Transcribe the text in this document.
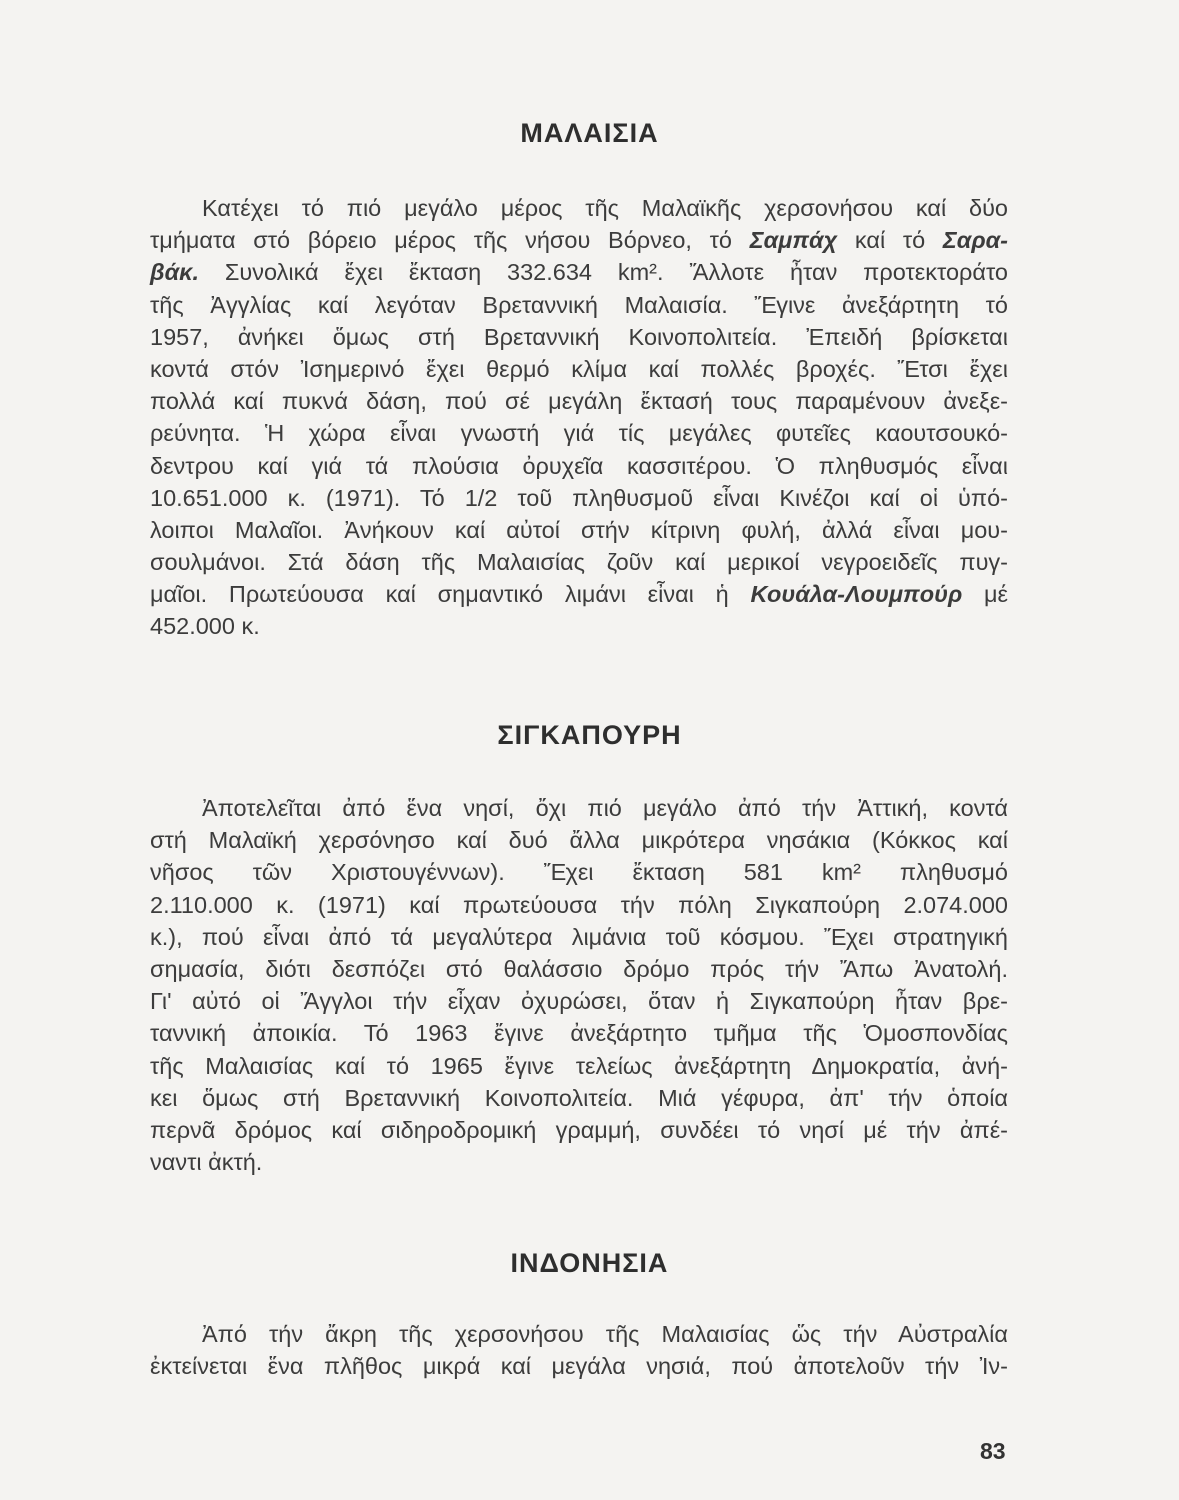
ΜΑΛΑΙΣΙΑ
Κατέχει τό πιό μεγάλο μέρος τῆς Μαλαϊκῆς χερσονήσου καί δύο
τμήματα στό βόρειο μέρος τῆς νήσου Βόρνεο, τό Σαμπάχ καί τό Σαρα-
βάκ. Συνολικά ἔχει ἔκταση 332.634 km². Ἄλλοτε ἦταν προτεκτοράτο
τῆς Ἀγγλίας καί λεγόταν Βρεταννική Μαλαισία. Ἔγινε ἀνεξάρτητη τό
1957, ἀνήκει ὅμως στή Βρεταννική Κοινοπολιτεία. Ἐπειδή βρίσκεται
κοντά στόν Ἰσημερινό ἔχει θερμό κλίμα καί πολλές βροχές. Ἔτσι ἔχει
πολλά καί πυκνά δάση, πού σέ μεγάλη ἔκτασή τους παραμένουν ἀνεξε-
ρεύνητα. Ἡ χώρα εἶναι γνωστή γιά τίς μεγάλες φυτεῖες καουτσουκό-
δεντρου καί γιά τά πλούσια ὀρυχεῖα κασσιτέρου. Ὁ πληθυσμός εἶναι
10.651.000 κ. (1971). Τό 1/2 τοῦ πληθυσμοῦ εἶναι Κινέζοι καί οἱ ὑπό-
λοιποι Μαλαῖοι. Ἀνήκουν καί αὐτοί στήν κίτρινη φυλή, ἀλλά εἶναι μου-
σουλμάνοι. Στά δάση τῆς Μαλαισίας ζοῦν καί μερικοί νεγροειδεῖς πυγ-
μαῖοι. Πρωτεύουσα καί σημαντικό λιμάνι εἶναι ἡ Κουάλα-Λουμπούρ μέ
452.000 κ.
ΣΙΓΚΑΠΟΥΡΗ
Ἀποτελεῖται ἀπό ἕνα νησί, ὄχι πιό μεγάλο ἀπό τήν Ἀττική, κοντά
στή Μαλαϊκή χερσόνησο καί δυό ἄλλα μικρότερα νησάκια (Κόκκος καί
νῆσος τῶν Χριστουγέννων). Ἔχει ἔκταση 581 km² πληθυσμό
2.110.000 κ. (1971) καί πρωτεύουσα τήν πόλη Σιγκαπούρη 2.074.000
κ.), πού εἶναι ἀπό τά μεγαλύτερα λιμάνια τοῦ κόσμου. Ἔχει στρατηγική
σημασία, διότι δεσπόζει στό θαλάσσιο δρόμο πρός τήν Ἄπω Ἀνατολή.
Γι' αὐτό οἱ Ἄγγλοι τήν εἶχαν ὀχυρώσει, ὅταν ἡ Σιγκαπούρη ἦταν βρε-
ταννική ἀποικία. Τό 1963 ἔγινε ἀνεξάρτητο τμῆμα τῆς Ὁμοσπονδίας
τῆς Μαλαισίας καί τό 1965 ἔγινε τελείως ἀνεξάρτητη Δημοκρατία, ἀνή-
κει ὅμως στή Βρεταννική Κοινοπολιτεία. Μιά γέφυρα, ἀπ' τήν ὁποία
περνᾶ δρόμος καί σιδηροδρομική γραμμή, συνδέει τό νησί μέ τήν ἀπέ-
ναντι ἀκτή.
ΙΝΔΟΝΗΣΙΑ
Ἀπό τήν ἄκρη τῆς χερσονήσου τῆς Μαλαισίας ὥς τήν Αὐστραλία
ἐκτείνεται ἕνα πλῆθος μικρά καί μεγάλα νησιά, πού ἀποτελοῦν τήν Ἰν-

83
